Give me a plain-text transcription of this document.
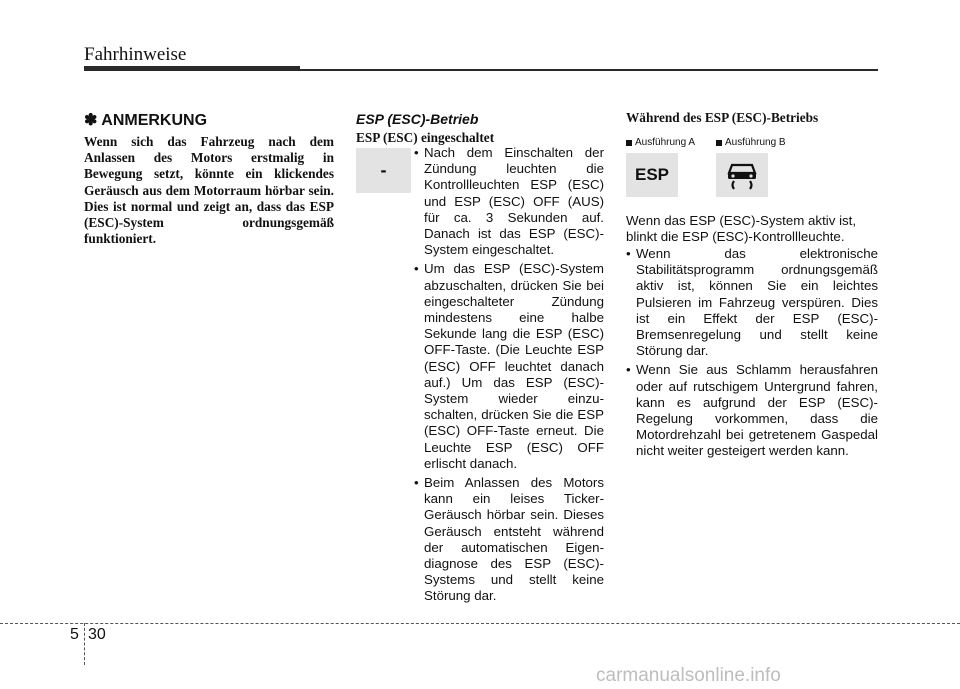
Fahrhinweise
✽ ANMERKUNG

Wenn sich das Fahrzeug nach dem Anlassen des Motors erstmalig in Bewegung setzt, könnte ein klickendes Geräusch aus dem Motorraum hörbar sein. Dies ist normal und zeigt an, dass das ESP (ESC)-System ordnungsgemäß funktioniert.

ESP (ESC)-Betrieb
ESP (ESC) eingeschaltet
-
• Nach dem Einschalten der Zündung leuchten die Kontrollleuchten ESP (ESC) und ESP (ESC) OFF (AUS) für ca. 3 Sekunden auf. Danach ist das ESP (ESC)-System eingeschaltet.
• Um das ESP (ESC)-System abzuschalten, drücken Sie bei eingeschalteter Zündung mindestens eine halbe Sekunde lang die ESP (ESC) OFF-Taste. (Die Leuchte ESP (ESC) OFF leuchtet danach auf.) Um das ESP (ESC)-System wieder einzu-schalten, drücken Sie die ESP (ESC) OFF-Taste erneut. Die Leuchte ESP (ESC) OFF erlischt danach.
• Beim Anlassen des Motors kann ein leises Ticker-Geräusch hörbar sein. Dieses Geräusch entsteht während der automatischen Eigen-diagnose des ESP (ESC)-Systems und stellt keine Störung dar.
Während des ESP (ESC)-Betriebs
Ausführung A	Ausführung B
ESP

Wenn das ESP (ESC)-System aktiv ist, blinkt die ESP (ESC)-Kontrollleuchte.

• Wenn das elektronische Stabilitätsprogramm ordnungsgemäß aktiv ist, können Sie ein leichtes Pulsieren im Fahrzeug verspüren. Dies ist ein Effekt der ESP (ESC)-Bremsenregelung und stellt keine Störung dar.
• Wenn Sie aus Schlamm herausfahren oder auf rutschigem Untergrund fahren, kann es aufgrund der ESP (ESC)-Regelung vorkommen, dass die Motordrehzahl bei getretenem Gaspedal nicht weiter gesteigert werden kann.
5 30
carmanualsonline.info
